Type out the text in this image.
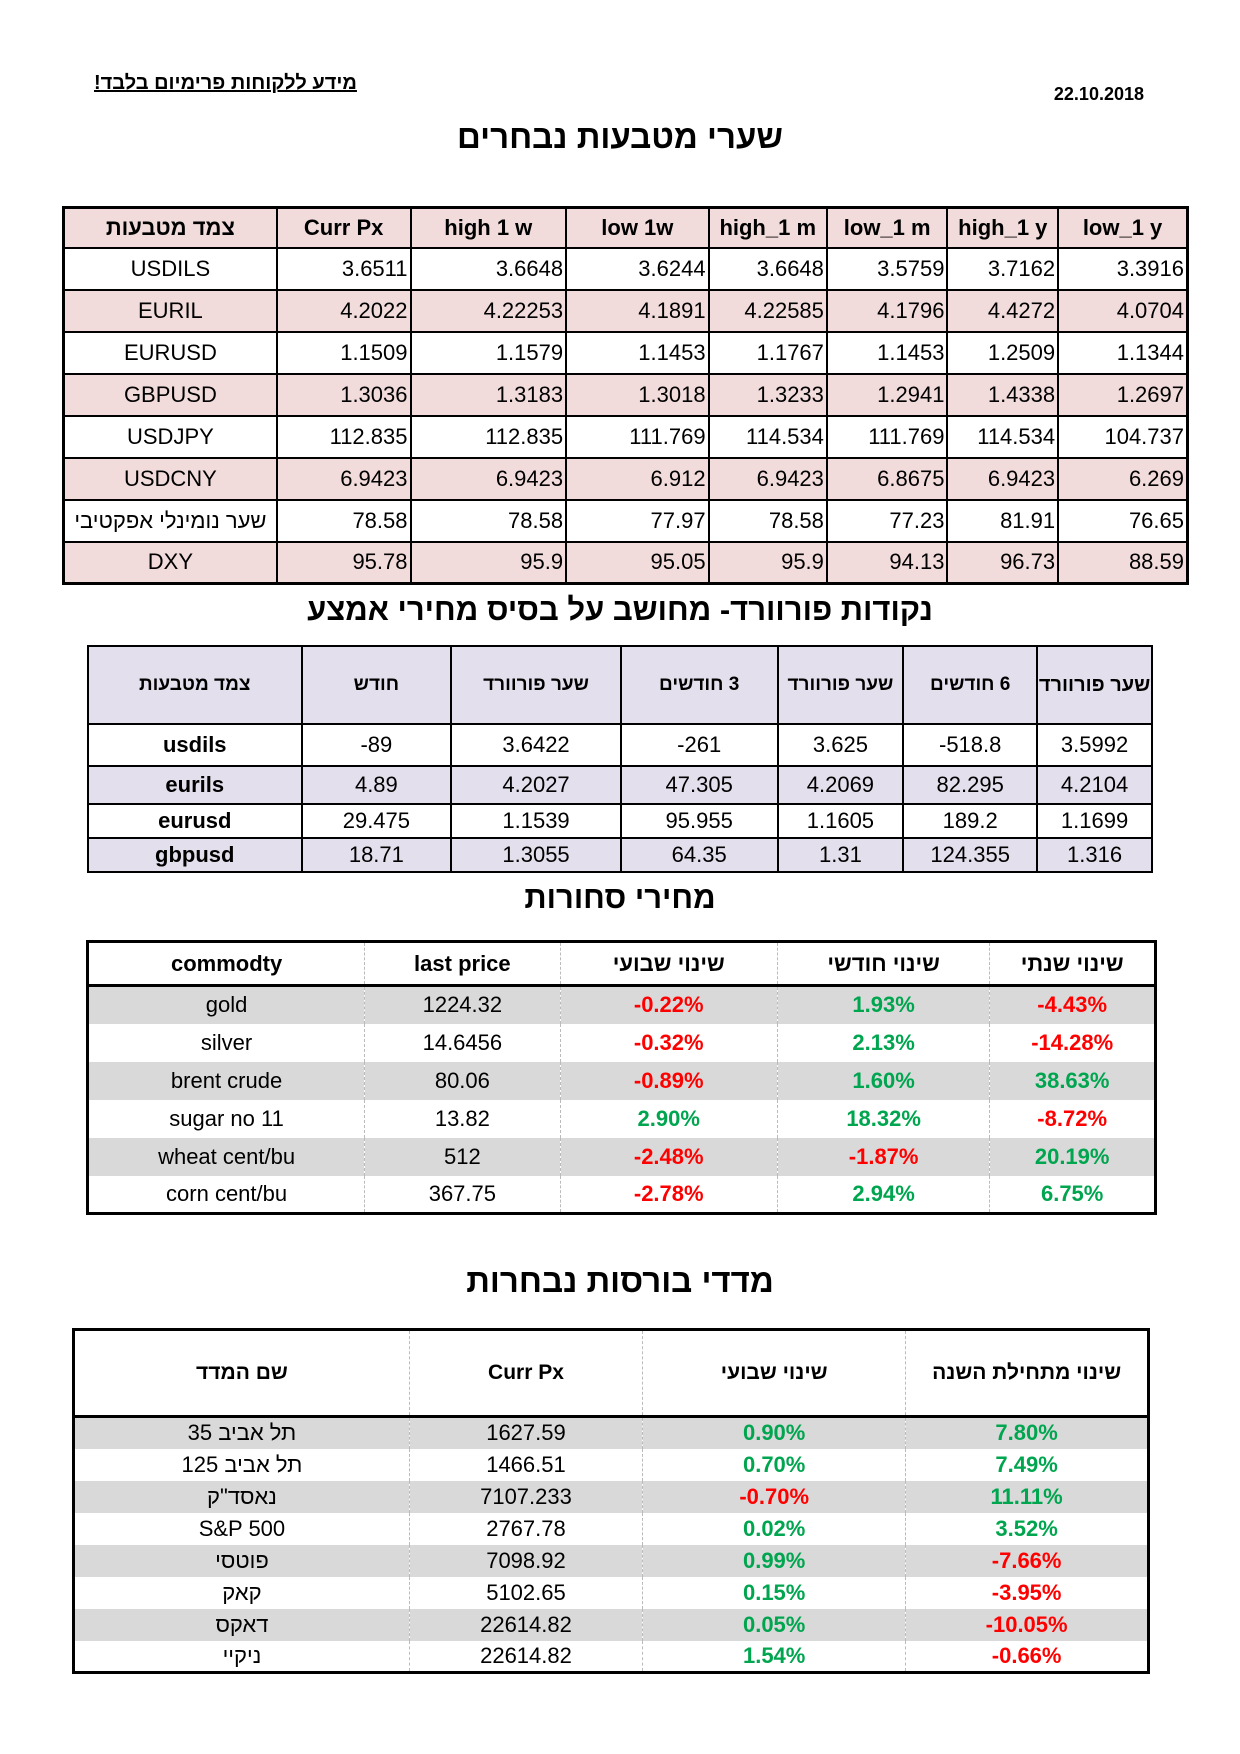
מידע ללקוחות פרימיום בלבד!	22.10.2018
שערי מטבעות נבחרים
צמד מטבעות	Curr Px	high 1 w	low 1w	high_1 m	low_1 m	high_1 y	low_1 y
USDILS	3.6511	3.6648	3.6244	3.6648	3.5759	3.7162	3.3916
EURIL	4.2022	4.22253	4.1891	4.22585	4.1796	4.4272	4.0704
EURUSD	1.1509	1.1579	1.1453	1.1767	1.1453	1.2509	1.1344
GBPUSD	1.3036	1.3183	1.3018	1.3233	1.2941	1.4338	1.2697
USDJPY	112.835	112.835	111.769	114.534	111.769	114.534	104.737
USDCNY	6.9423	6.9423	6.912	6.9423	6.8675	6.9423	6.269
שער נומינלי אפקטיבי	78.58	78.58	77.97	78.58	77.23	81.91	76.65
DXY	95.78	95.9	95.05	95.9	94.13	96.73	88.59
נקודות פורוורד- מחושב על בסיס מחירי אמצע
צמד מטבעות	חודש	שער פורוורד	3 חודשים	שער פורוורד	6 חודשים	שער פורוורד
usdils	-89	3.6422	-261	3.625	-518.8	3.5992
eurils	4.89	4.2027	47.305	4.2069	82.295	4.2104
eurusd	29.475	1.1539	95.955	1.1605	189.2	1.1699
gbpusd	18.71	1.3055	64.35	1.31	124.355	1.316
מחירי סחורות
commodty	last price	שינוי שבועי	שינוי חודשי	שינוי שנתי
gold	1224.32	-0.22%	1.93%	-4.43%
silver	14.6456	-0.32%	2.13%	-14.28%
brent crude	80.06	-0.89%	1.60%	38.63%
sugar no 11	13.82	2.90%	18.32%	-8.72%
wheat cent/bu	512	-2.48%	-1.87%	20.19%
corn cent/bu	367.75	-2.78%	2.94%	6.75%
מדדי בורסות נבחרות
שם המדד	Curr Px	שינוי שבועי	שינוי מתחילת השנה
תל אביב 35	1627.59	0.90%	7.80%
תל אביב 125	1466.51	0.70%	7.49%
נאסד"ק	7107.233	-0.70%	11.11%
S&P 500	2767.78	0.02%	3.52%
פוטסי	7098.92	0.99%	-7.66%
קאק	5102.65	0.15%	-3.95%
דאקס	22614.82	0.05%	-10.05%
ניקיי	22614.82	1.54%	-0.66%
